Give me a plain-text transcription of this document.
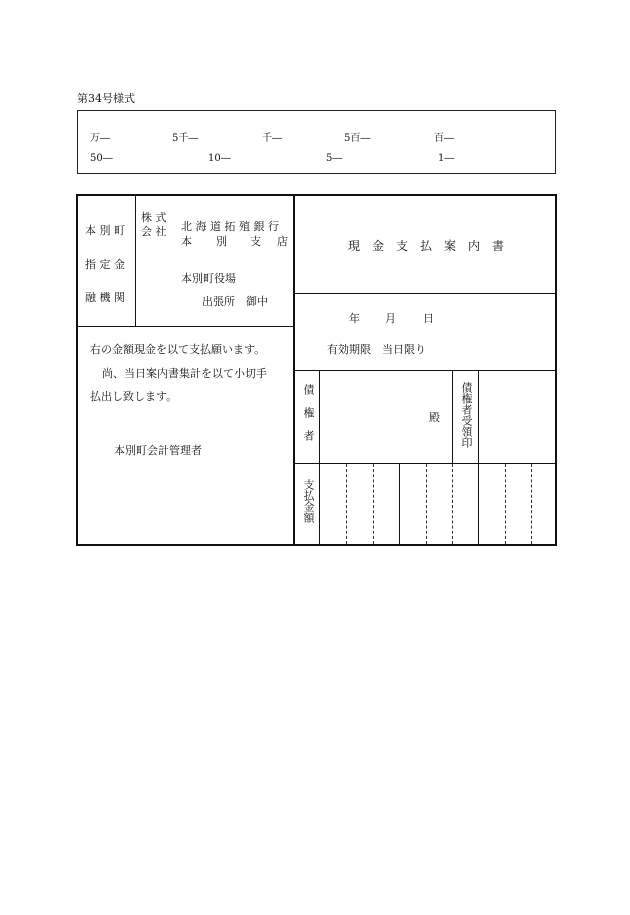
第34号様式
万―	5千―	千―	5百―	百―
50―	10―	5―	1―
本 別 町
指 定 金
融 機 関
株 式
会 社 北 海 道 拓 殖 銀 行
本 別 支 店
本別町役場
出張所　御中
右の金額現金を以て支払願います。
尚、当日案内書集計を以て小切手
払出し致します。
本別町会計管理者
現　金　支　払　案　内　書
年 月 日
有効期限　当日限り
債権者	殿 債権者受領印
支払金額
